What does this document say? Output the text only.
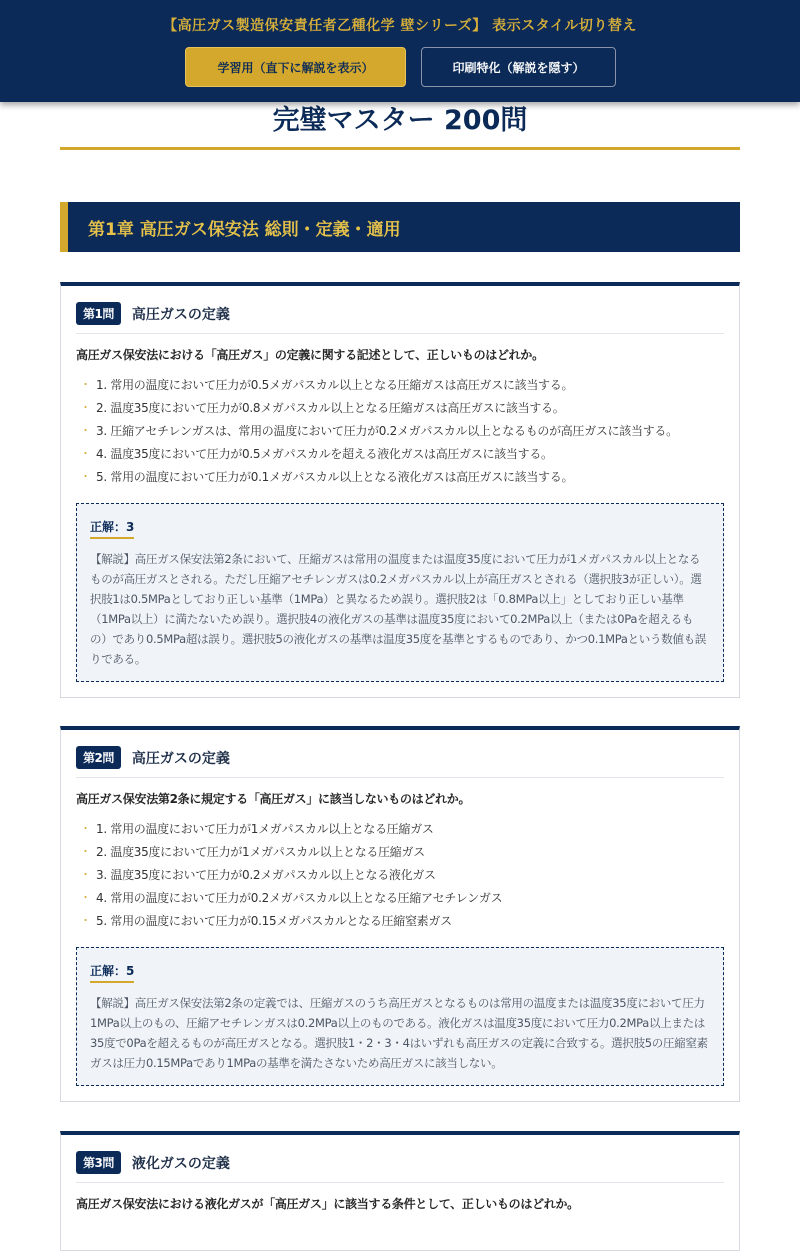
【高圧ガス製造保安責任者乙種化学 壁シリーズ】 表示スタイル切り替え
学習用（直下に解説を表示）	印刷特化（解説を隠す）
完璧マスター 200問
第1章 高圧ガス保安法 総則・定義・適用
第1問	高圧ガスの定義
高圧ガス保安法における「高圧ガス」の定義に関する記述として、正しいものはどれか。
・ 1. 常用の温度において圧力が0.5メガパスカル以上となる圧縮ガスは高圧ガスに該当する。
・ 2. 温度35度において圧力が0.8メガパスカル以上となる圧縮ガスは高圧ガスに該当する。
・ 3. 圧縮アセチレンガスは、常用の温度において圧力が0.2メガパスカル以上となるものが高圧ガスに該当する。
・ 4. 温度35度において圧力が0.5メガパスカルを超える液化ガスは高圧ガスに該当する。
・ 5. 常用の温度において圧力が0.1メガパスカル以上となる液化ガスは高圧ガスに該当する。
正解：3
【解説】高圧ガス保安法第2条において、圧縮ガスは常用の温度または温度35度において圧力が1メガパスカル以上となるものが高圧ガスとされる。ただし圧縮アセチレンガスは0.2メガパスカル以上が高圧ガスとされる（選択肢3が正しい）。選択肢1は0.5MPaとしており正しい基準（1MPa）と異なるため誤り。選択肢2は「0.8MPa以上」としており正しい基準（1MPa以上）に満たないため誤り。選択肢4の液化ガスの基準は温度35度において0.2MPa以上（または0Paを超えるもの）であり0.5MPa超は誤り。選択肢5の液化ガスの基準は温度35度を基準とするものであり、かつ0.1MPaという数値も誤りである。
第2問	高圧ガスの定義
高圧ガス保安法第2条に規定する「高圧ガス」に該当しないものはどれか。
・ 1. 常用の温度において圧力が1メガパスカル以上となる圧縮ガス
・ 2. 温度35度において圧力が1メガパスカル以上となる圧縮ガス
・ 3. 温度35度において圧力が0.2メガパスカル以上となる液化ガス
・ 4. 常用の温度において圧力が0.2メガパスカル以上となる圧縮アセチレンガス
・ 5. 常用の温度において圧力が0.15メガパスカルとなる圧縮窒素ガス
正解：5
【解説】高圧ガス保安法第2条の定義では、圧縮ガスのうち高圧ガスとなるものは常用の温度または温度35度において圧力1MPa以上のもの、圧縮アセチレンガスは0.2MPa以上のものである。液化ガスは温度35度において圧力0.2MPa以上または35度で0Paを超えるものが高圧ガスとなる。選択肢1・2・3・4はいずれも高圧ガスの定義に合致する。選択肢5の圧縮窒素ガスは圧力0.15MPaであり1MPaの基準を満たさないため高圧ガスに該当しない。
第3問	液化ガスの定義
高圧ガス保安法における液化ガスが「高圧ガス」に該当する条件として、正しいものはどれか。
